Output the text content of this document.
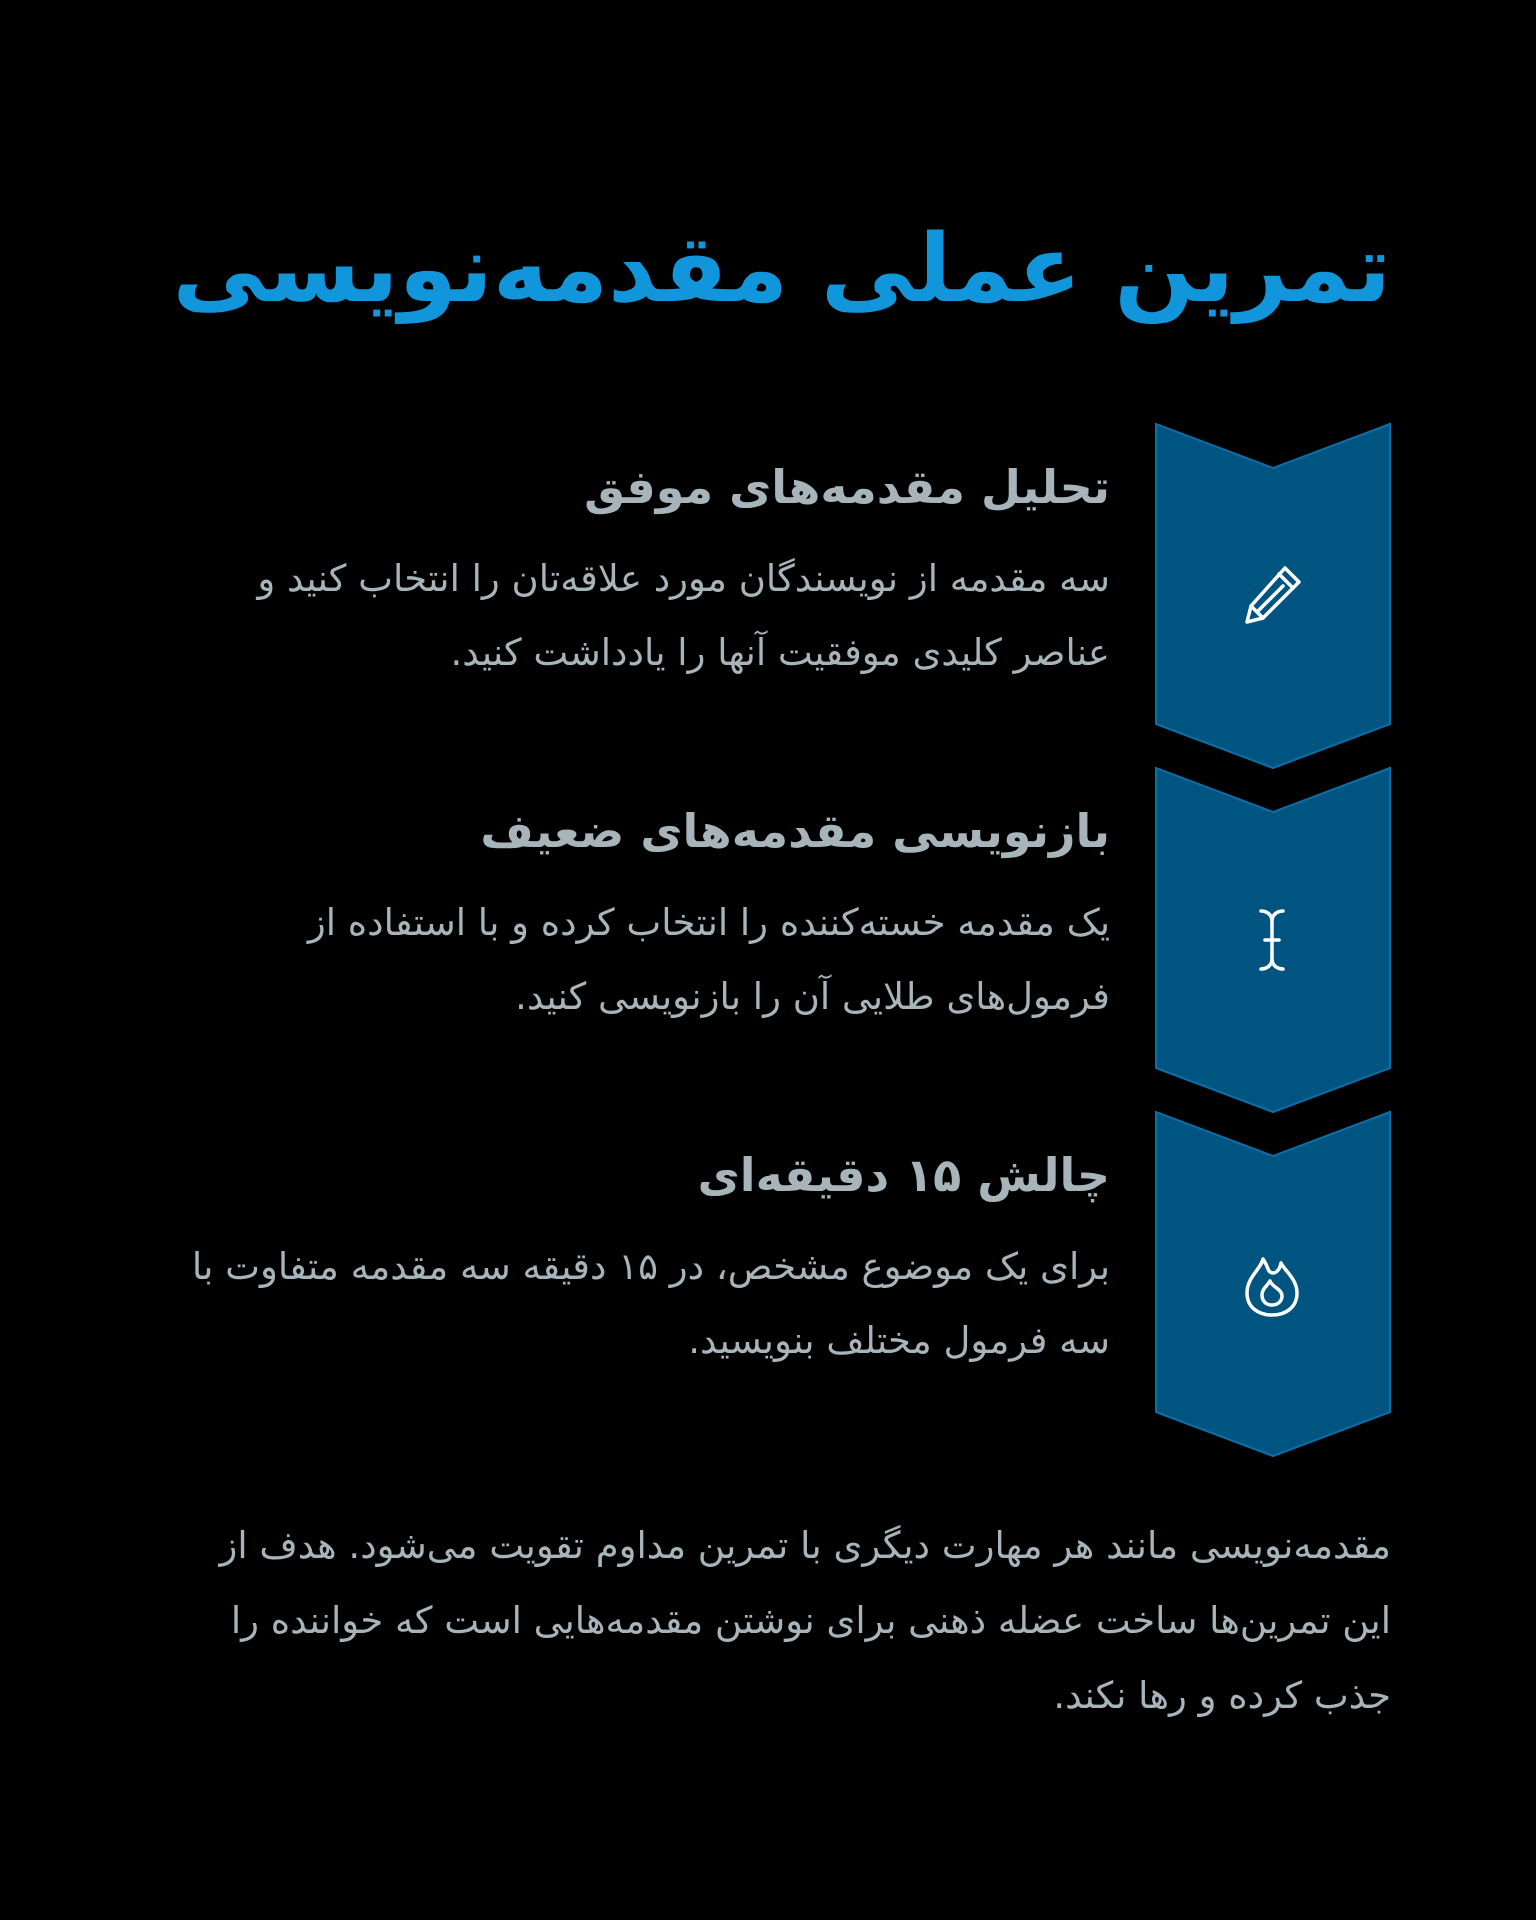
تمرین عملی مقدمه‌نویسی
تحلیل مقدمه‌های موفق

سه مقدمه از نویسندگان مورد علاقه‌تان را انتخاب کنید و عناصر کلیدی موفقیت آنها را یادداشت کنید.

بازنویسی مقدمه‌های ضعیف

یک مقدمه خسته‌کننده را انتخاب کرده و با استفاده از فرمول‌های طلایی آن را بازنویسی کنید.

چالش ۱۵ دقیقه‌ای

برای یک موضوع مشخص، در ۱۵ دقیقه سه مقدمه متفاوت با سه فرمول مختلف بنویسید.

مقدمه‌نویسی مانند هر مهارت دیگری با تمرین مداوم تقویت می‌شود. هدف از این تمرین‌ها ساخت عضله ذهنی برای نوشتن مقدمه‌هایی است که خواننده را جذب کرده و رها نکند.
